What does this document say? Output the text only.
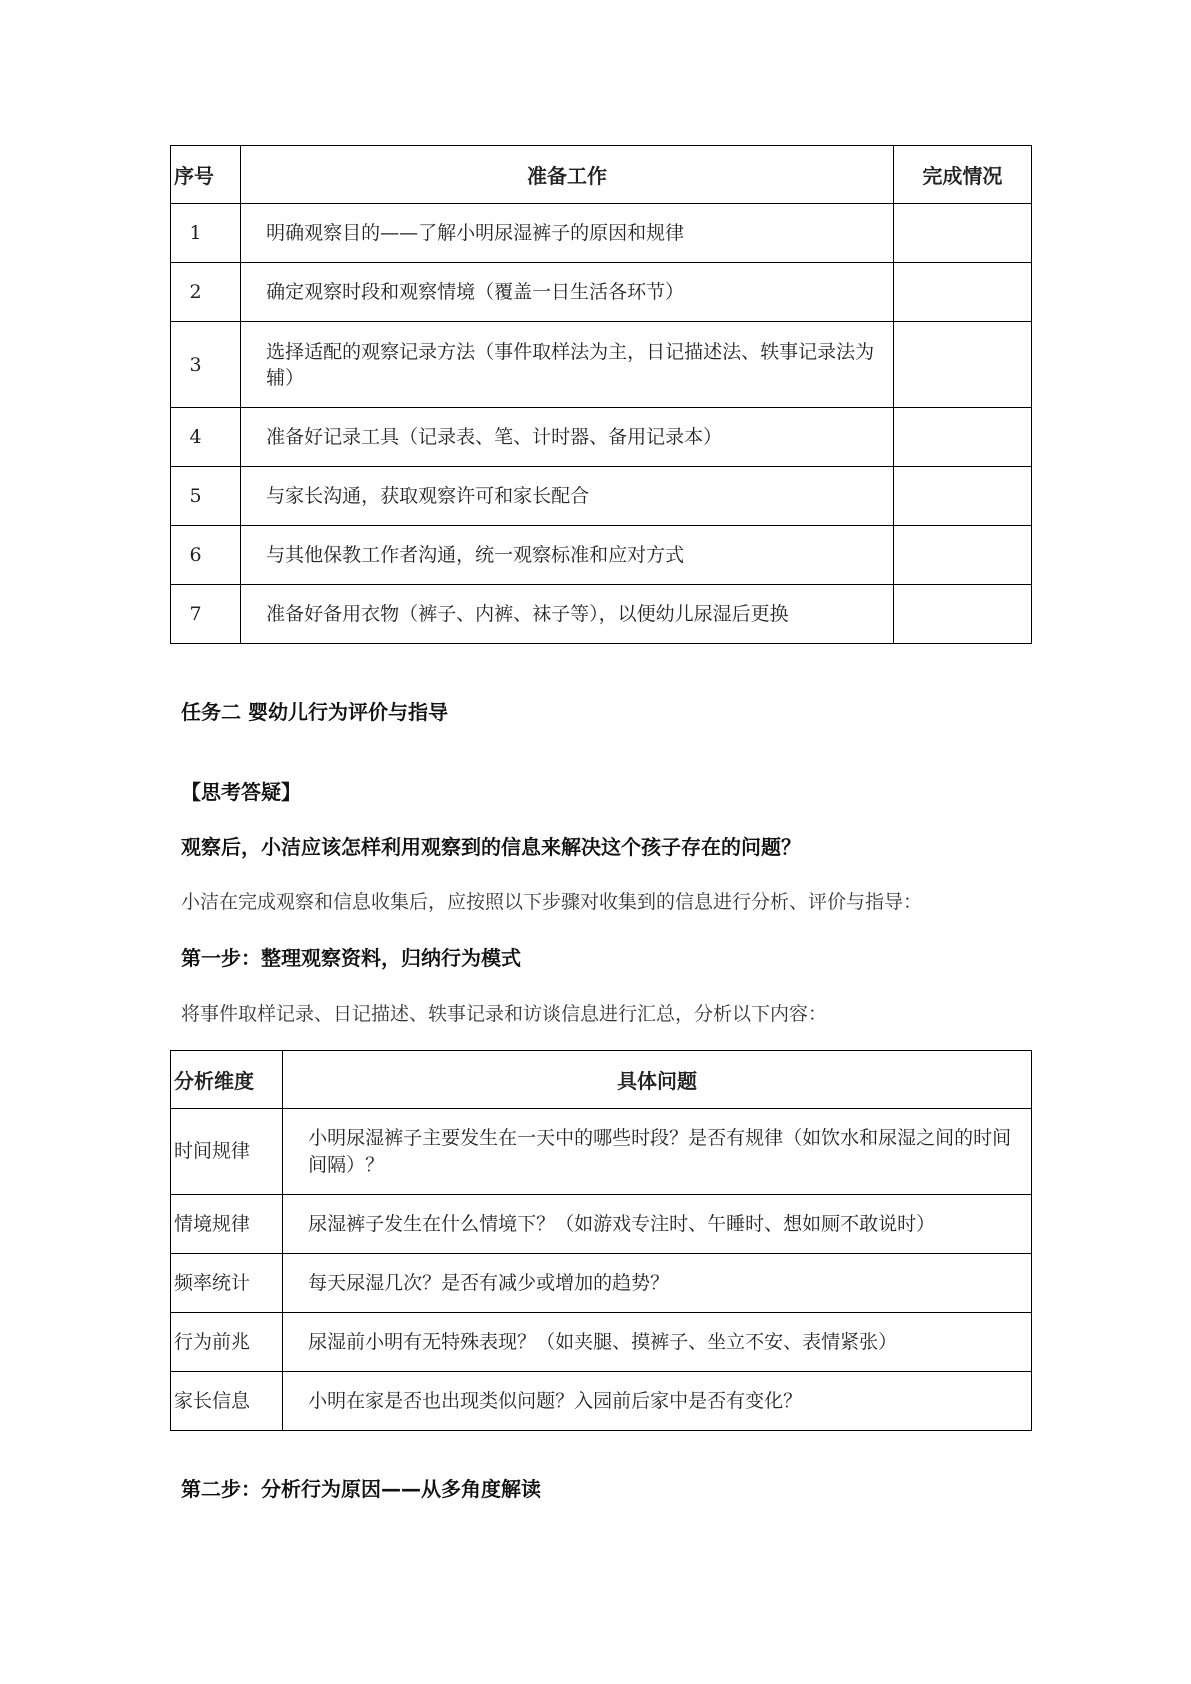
序号	准备工作	完成情况
1	明确观察目的——了解小明尿湿裤子的原因和规律	
2	确定观察时段和观察情境（覆盖一日生活各环节）	
3	选择适配的观察记录方法（事件取样法为主，日记描述法、轶事记录法为辅）	
4	准备好记录工具（记录表、笔、计时器、备用记录本）	
5	与家长沟通，获取观察许可和家长配合	
6	与其他保教工作者沟通，统一观察标准和应对方式	
7	准备好备用衣物（裤子、内裤、袜子等），以便幼儿尿湿后更换	
任务二 婴幼儿行为评价与指导
【思考答疑】
观察后，小洁应该怎样利用观察到的信息来解决这个孩子存在的问题？
小洁在完成观察和信息收集后，应按照以下步骤对收集到的信息进行分析、评价与指导：
第一步：整理观察资料，归纳行为模式
将事件取样记录、日记描述、轶事记录和访谈信息进行汇总，分析以下内容：
分析维度	具体问题
时间规律	小明尿湿裤子主要发生在一天中的哪些时段？是否有规律（如饮水和尿湿之间的时间间隔）？
情境规律	尿湿裤子发生在什么情境下？（如游戏专注时、午睡时、想如厕不敢说时）
频率统计	每天尿湿几次？是否有减少或增加的趋势？
行为前兆	尿湿前小明有无特殊表现？（如夹腿、摸裤子、坐立不安、表情紧张）
家长信息	小明在家是否也出现类似问题？入园前后家中是否有变化？
第二步：分析行为原因——从多角度解读
